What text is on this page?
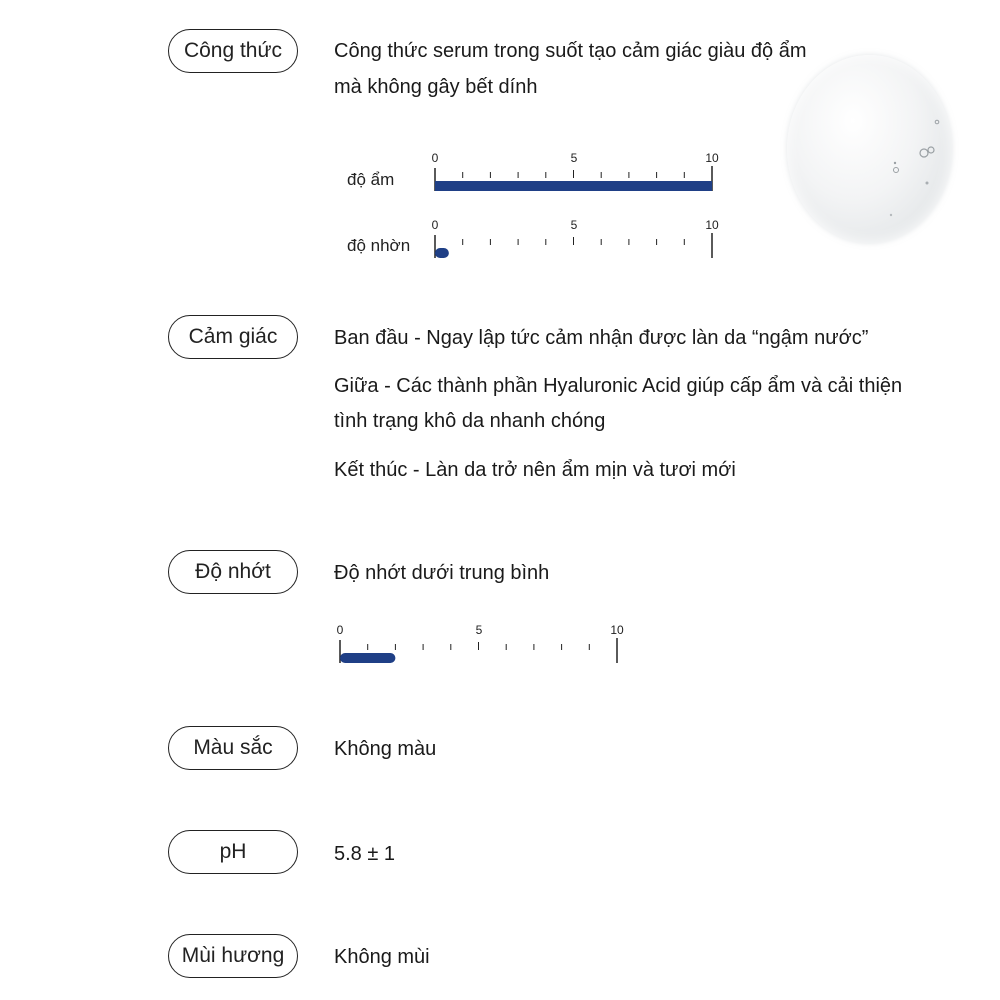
Công thức	Công thức serum trong suốt tạo cảm giác giàu độ ẩm
mà không gây bết dính
độ ẩm
0	5	10
độ nhờn
0	5	10
Cảm giác	Ban đầu - Ngay lập tức cảm nhận được làn da “ngậm nước”
Giữa - Các thành phần Hyaluronic Acid giúp cấp ẩm và cải thiện
tình trạng khô da nhanh chóng
Kết thúc - Làn da trở nên ẩm mịn và tươi mới
Độ nhớt	Độ nhớt dưới trung bình
0	5	10
Màu sắc	Không màu
pH	5.8 ± 1
Mùi hương	Không mùi
